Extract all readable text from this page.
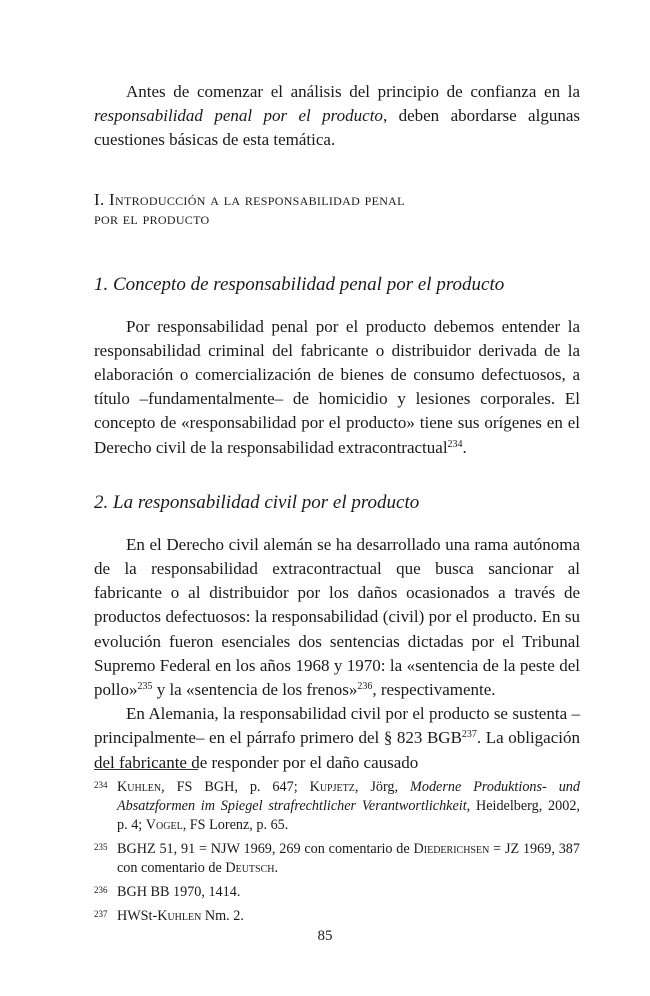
Antes de comenzar el análisis del principio de confianza en la responsabilidad penal por el producto, deben abordarse algunas cuestiones básicas de esta temática.

I. Introducción a la responsabilidad penal
por el producto
1. Concepto de responsabilidad penal por el producto

Por responsabilidad penal por el producto debemos entender la responsabilidad criminal del fabricante o distribuidor derivada de la elaboración o comercialización de bienes de consumo defectuosos, a título –fundamentalmente– de homicidio y lesiones corporales. El concepto de «responsabilidad por el producto» tiene sus orígenes en el Derecho civil de la responsabilidad extracontractual$^{234}$.

2. La responsabilidad civil por el producto

En el Derecho civil alemán se ha desarrollado una rama autónoma de la responsabilidad extracontractual que busca sancionar al fabricante o al distribuidor por los daños ocasionados a través de productos defectuosos: la responsabilidad (civil) por el producto. En su evolución fueron esenciales dos sentencias dictadas por el Tribunal Supremo Federal en los años 1968 y 1970: la «sentencia de la peste del pollo»$^{235}$ y la «sentencia de los frenos»$^{236}$, respectivamente.

En Alemania, la responsabilidad civil por el producto se sustenta –principalmente– en el párrafo primero del § 823 BGB$^{237}$. La obligación del fabricante de responder por el daño causado

234 Kuhlen, FS BGH, p. 647; Kupjetz, Jörg, Moderne Produktions- und Absatzformen im Spiegel strafrechtlicher Verantwortlichkeit, Heidelberg, 2002, p. 4; Vogel, FS Lorenz, p. 65.
235 BGHZ 51, 91 = NJW 1969, 269 con comentario de Diederichsen = JZ 1969, 387 con comentario de Deutsch.
236 BGH BB 1970, 1414.
237 HWSt-Kuhlen Nm. 2.
85
